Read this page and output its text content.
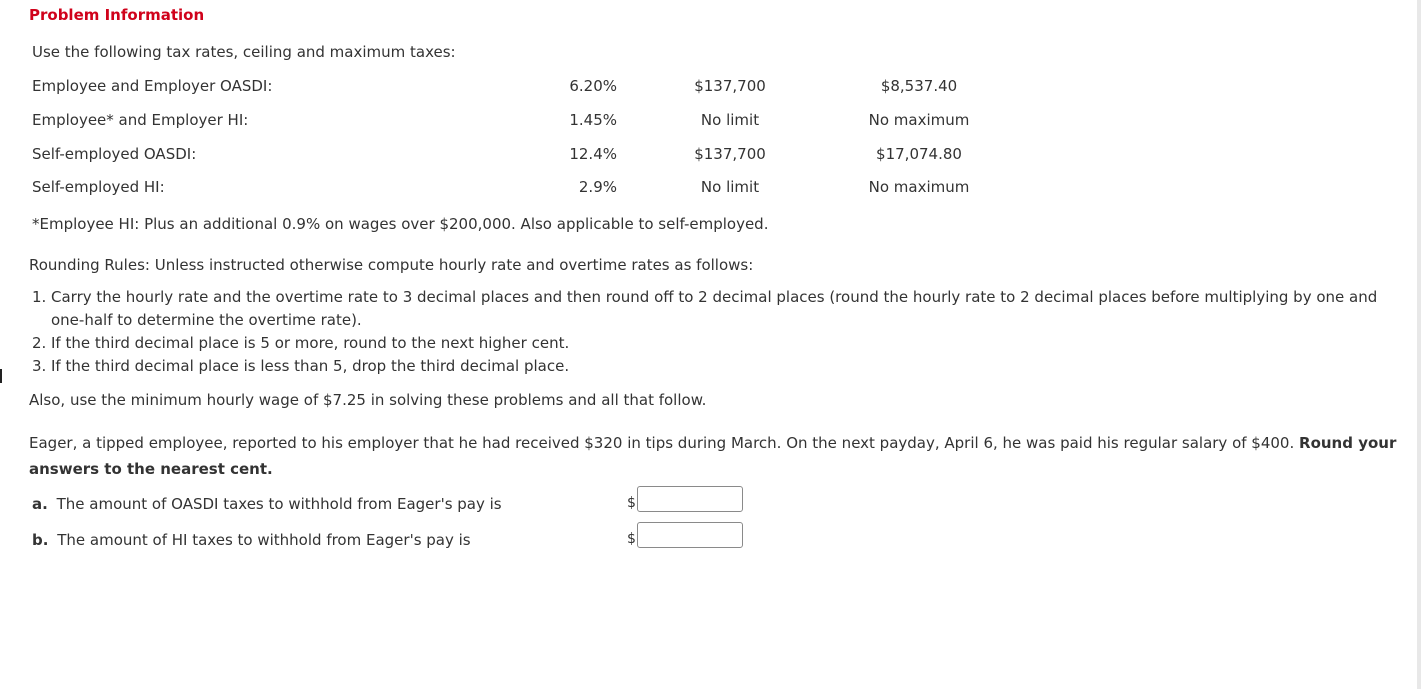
Problem Information
Use the following tax rates, ceiling and maximum taxes:
Employee and Employer OASDI:	6.20%	$137,700	$8,537.40
Employee* and Employer HI:	1.45%	No limit	No maximum
Self-employed OASDI:	12.4%	$137,700	$17,074.80
Self-employed HI:	2.9%	No limit	No maximum
*Employee HI: Plus an additional 0.9% on wages over $200,000. Also applicable to self-employed.
Rounding Rules: Unless instructed otherwise compute hourly rate and overtime rates as follows:
1. Carry the hourly rate and the overtime rate to 3 decimal places and then round off to 2 decimal places (round the hourly rate to 2 decimal places before multiplying by one and one-half to determine the overtime rate).
2. If the third decimal place is 5 or more, round to the next higher cent.
3. If the third decimal place is less than 5, drop the third decimal place.
Also, use the minimum hourly wage of $7.25 in solving these problems and all that follow.
Eager, a tipped employee, reported to his employer that he had received $320 in tips during March. On the next payday, April 6, he was paid his regular salary of $400. Round your answers to the nearest cent.
a. The amount of OASDI taxes to withhold from Eager's pay is	$
b. The amount of HI taxes to withhold from Eager's pay is	$
